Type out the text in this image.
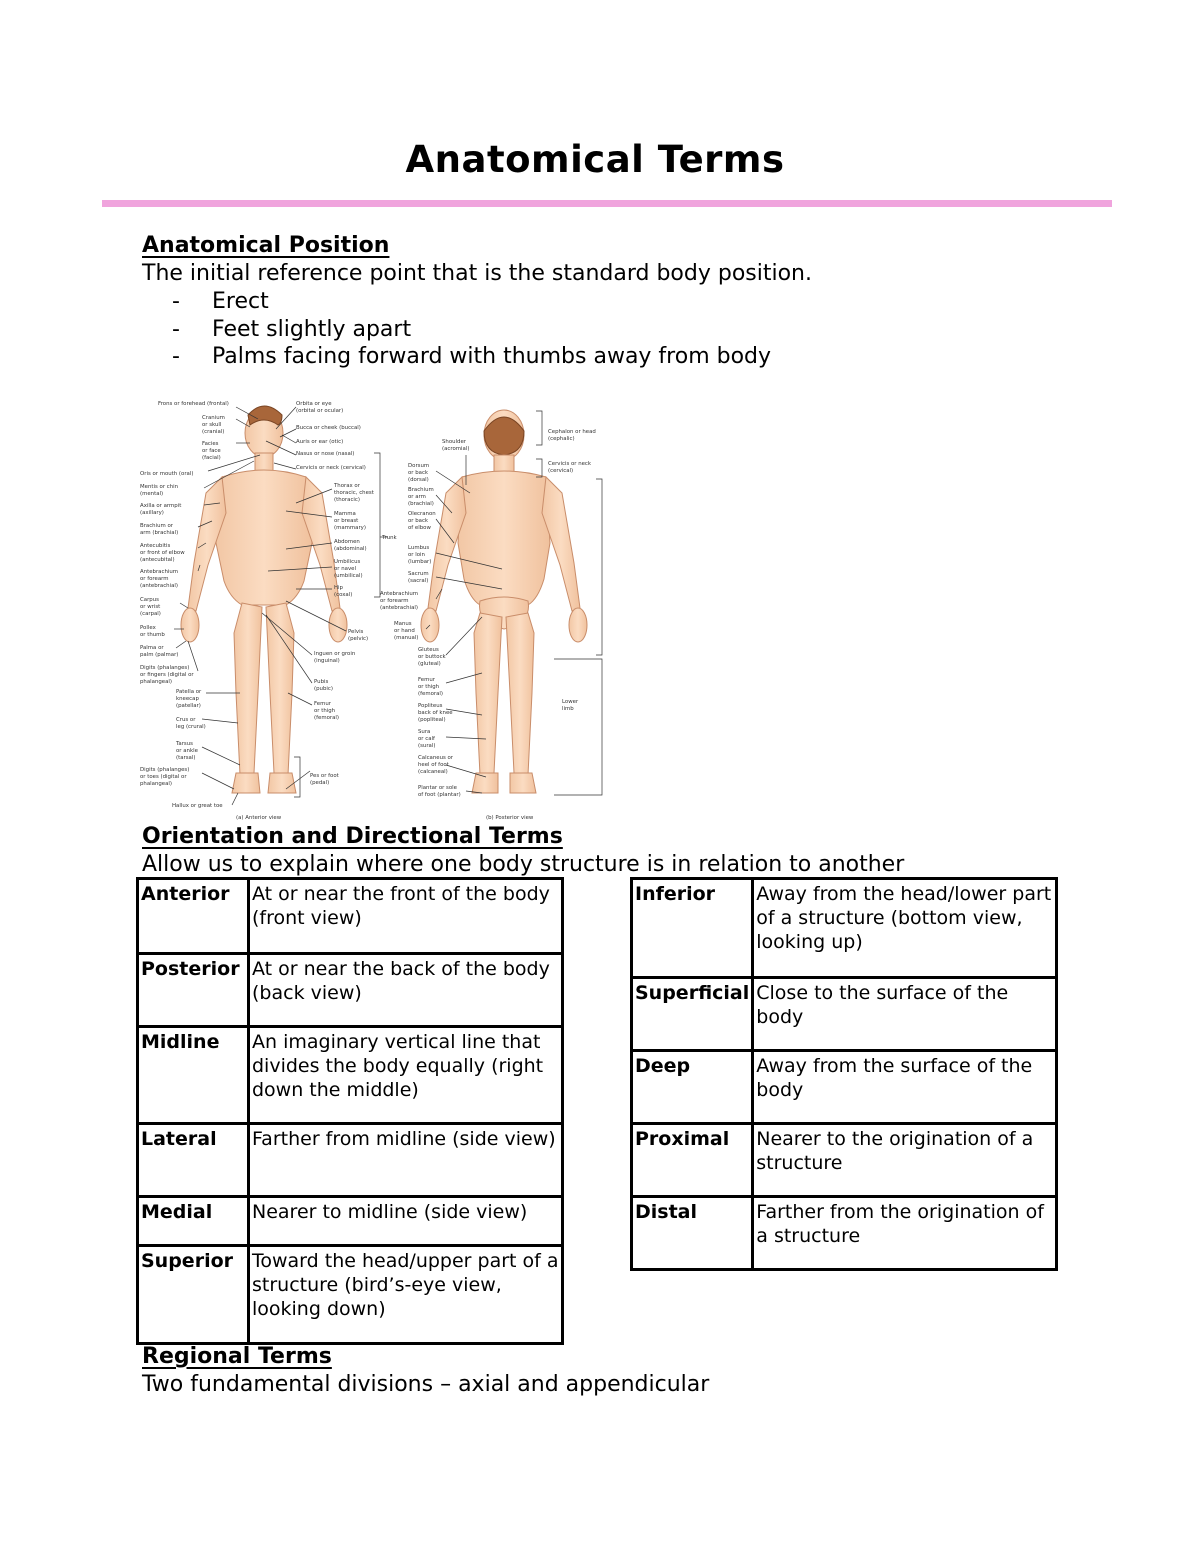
Anatomical Terms
Anatomical Position
The initial reference point that is the standard body position.
- Erect
- Feet slightly apart
- Palms facing forward with thumbs away from body
Frons or forehead (frontal)
Cranium
or skull
(cranial)
Facies
or face
(facial)
Oris or mouth (oral)
Mentis or chin
(mental)
Axilla or armpit
(axillary)
Brachium or
arm (brachial)
Antecubitis
or front of elbow
(antecubital)
Antebrachium
or forearm
(antebrachial)
Carpus
or wrist
(carpal)
Pollex
or thumb
Palma or
palm (palmar)
Digits (phalanges)
or fingers (digital or
phalangeal)
Patella or
kneecap
(patellar)
Crus or
leg (crural)
Tarsus
or ankle
(tarsal)
Digits (phalanges)
or toes (digital or
phalangeal)
Hallux or great toe
Orbita or eye
(orbital or ocular)
Bucca or cheek (buccal)
Auris or ear (otic)
Nasus or nose (nasal)
Cervicis or neck (cervical)
Thorax or
thoracic, chest
(thoracic)
Mamma
or breast
(mammary)
Abdomen
(abdominal)
Umbilicus
or navel
(umbilical)
Hip
(coxal)
Pelvis
(pelvic)
Inguen or groin
(inguinal)
Pubis
(pubic)
Femur
or thigh
(femoral)
Pes or foot
(pedal)
Trunk
Shoulder
(acromial)
Dorsum
or back
(dorsal)
Brachium
or arm
(brachial)
Olecranon
or back
of elbow
Lumbus
or loin
(lumbar)
Sacrum
(sacral)
Antebrachium
or forearm
(antebrachial)
Manus
or hand
(manual)
Gluteus
or buttock
(gluteal)
Femur
or thigh
(femoral)
Popliteus
back of knee
(popliteal)
Sura
or calf
(sural)
Calcaneus or
heel of foot
(calcaneal)
Plantar or sole
of foot (plantar)
Cephalon or head
(cephalic)
Cervicis or neck
(cervical)
Lower
limb
(a) Anterior view	(b) Posterior view
Orientation and Directional Terms
Allow us to explain where one body structure is in relation to another
Anterior	At or near the front of the body (front view)
Posterior	At or near the back of the body (back view)
Midline	An imaginary vertical line that divides the body equally (right down the middle)
Lateral	Farther from midline (side view)
Medial	Nearer to midline (side view)
Superior	Toward the head/upper part of a structure (bird’s-eye view, looking down)
Inferior	Away from the head/lower part of a structure (bottom view, looking up)
Superficial	Close to the surface of the body
Deep	Away from the surface of the body
Proximal	Nearer to the origination of a structure
Distal	Farther from the origination of a structure
Regional Terms
Two fundamental divisions – axial and appendicular
